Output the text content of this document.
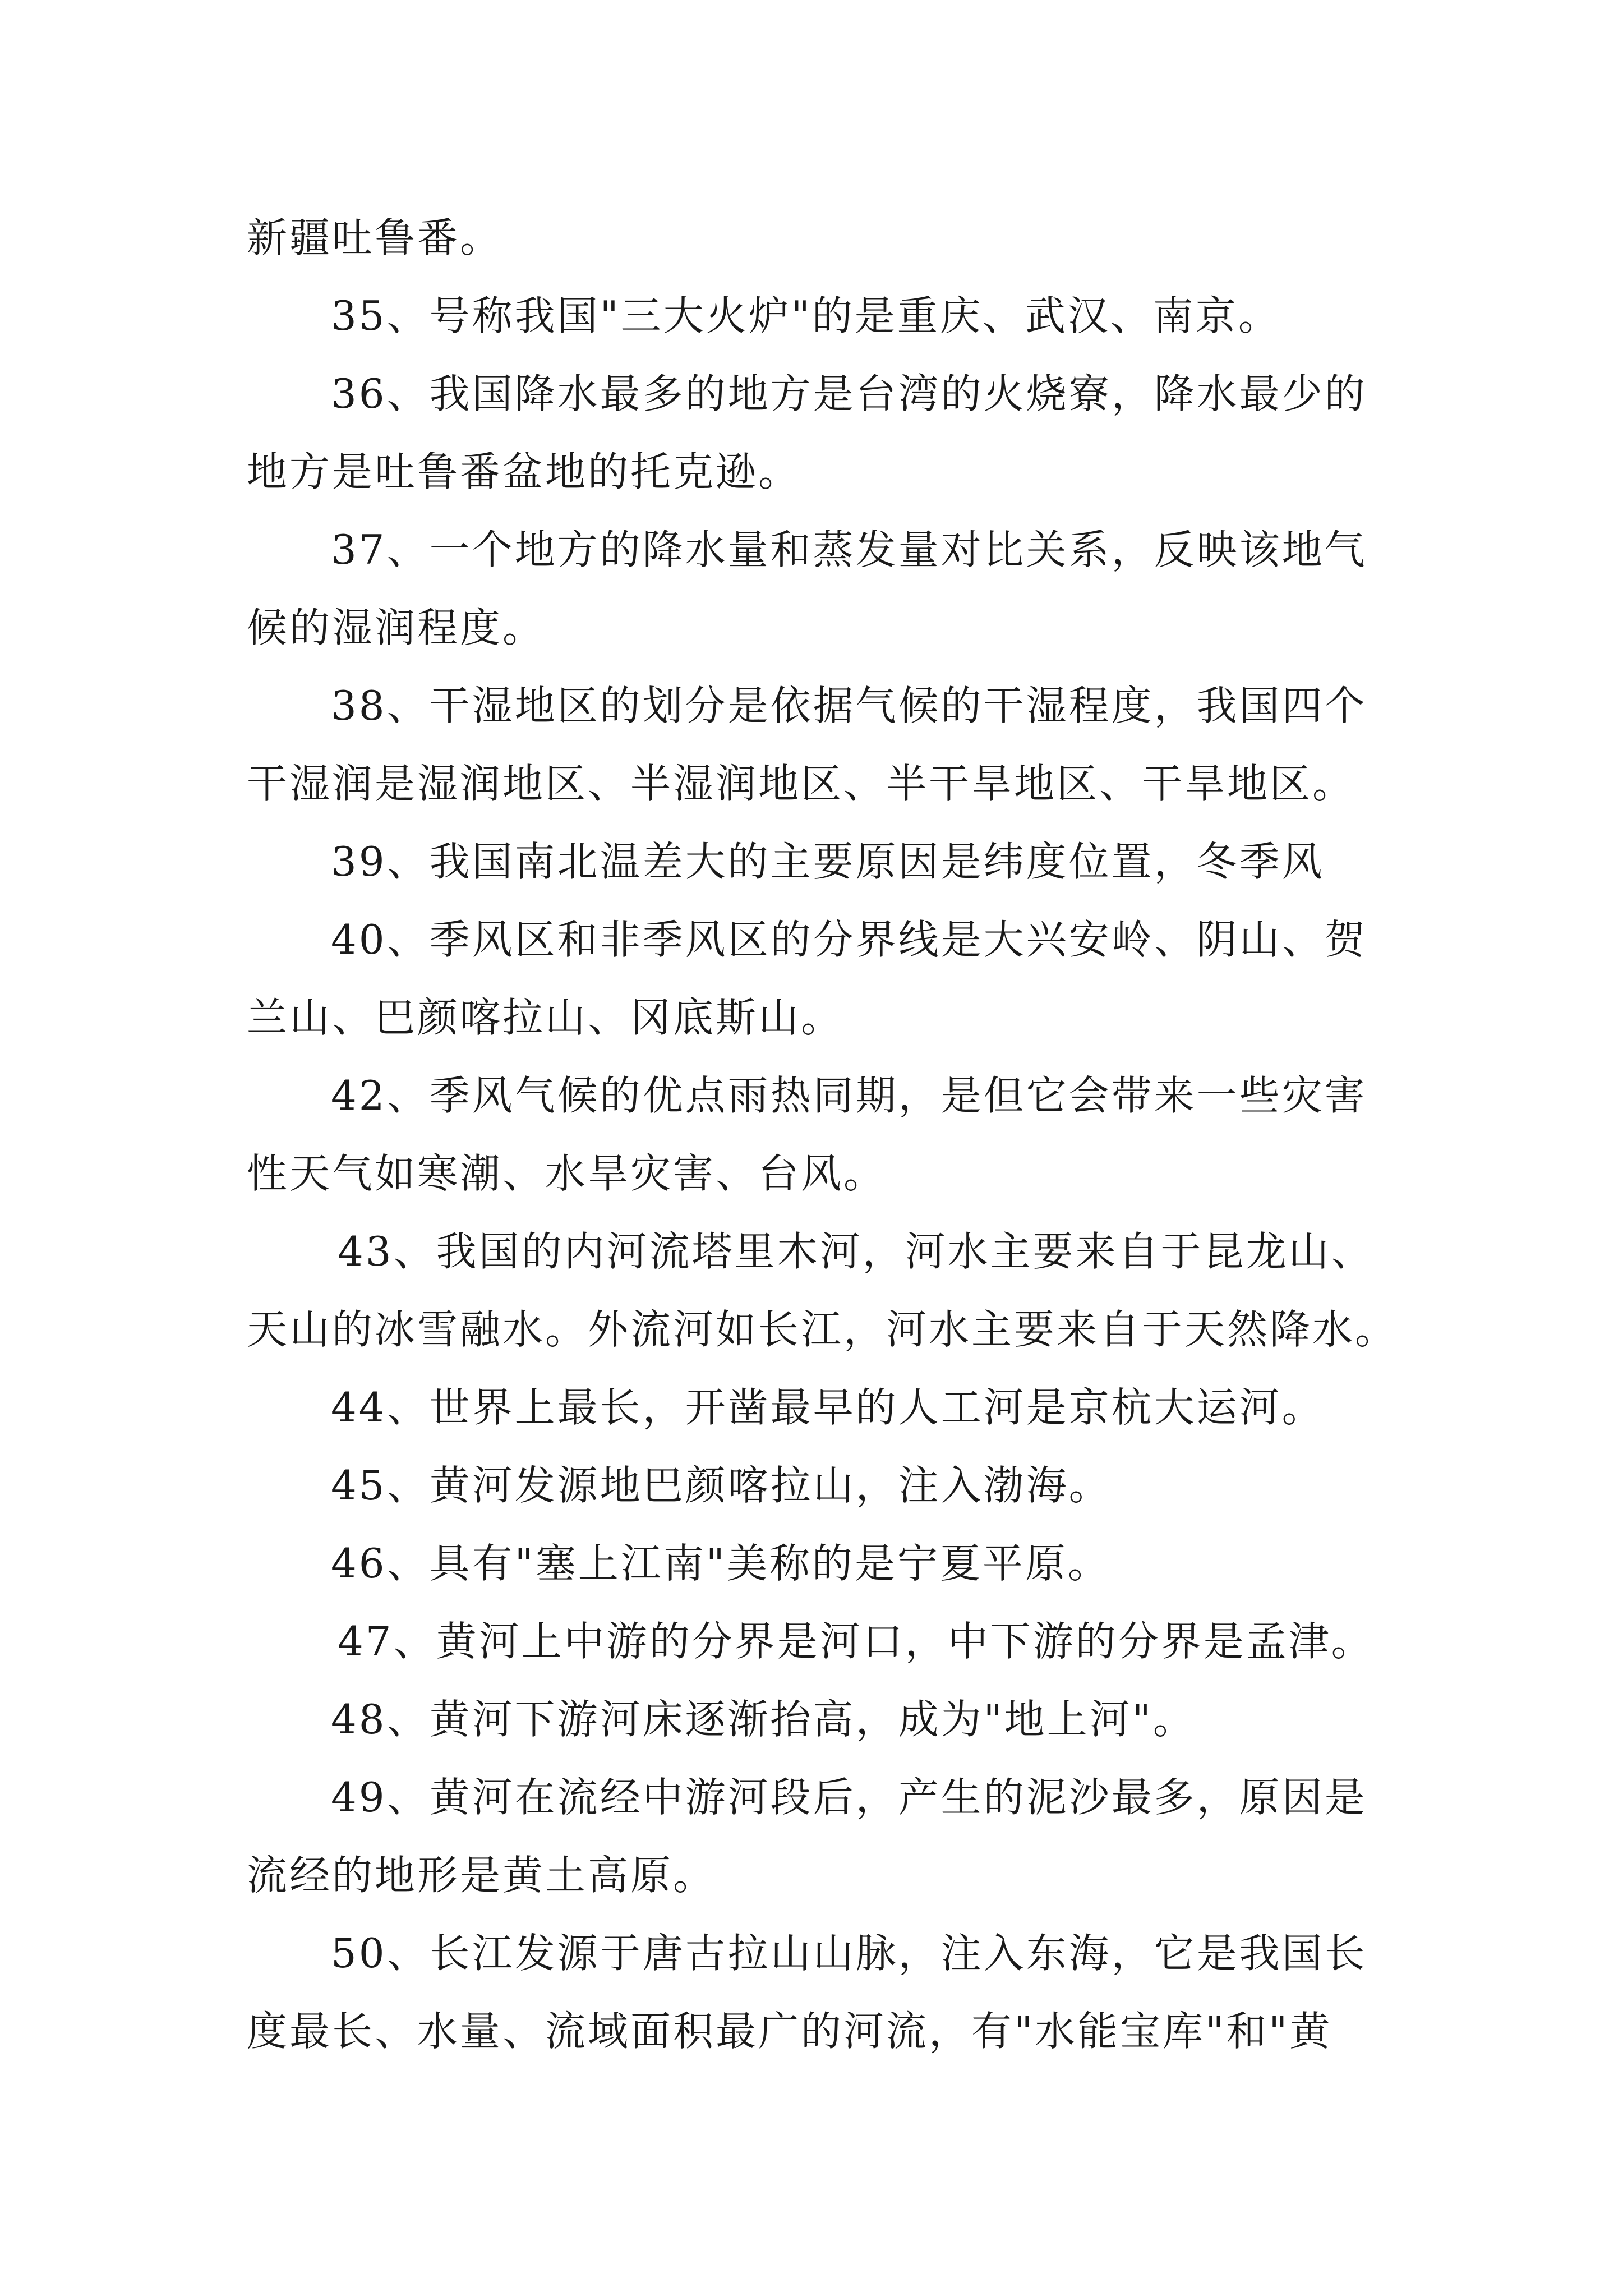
新疆吐鲁番。
35、号称我国"三大火炉"的是重庆、武汉、南京。
36、我国降水最多的地方是台湾的火烧寮，降水最少的
地方是吐鲁番盆地的托克逊。
37、一个地方的降水量和蒸发量对比关系，反映该地气
候的湿润程度。
38、干湿地区的划分是依据气候的干湿程度，我国四个
干湿润是湿润地区、半湿润地区、半干旱地区、干旱地区。
39、我国南北温差大的主要原因是纬度位置，冬季风
40、季风区和非季风区的分界线是大兴安岭、阴山、贺
兰山、巴颜喀拉山、冈底斯山。
42、季风气候的优点雨热同期，是但它会带来一些灾害
性天气如寒潮、水旱灾害、台风。
43、我国的内河流塔里木河，河水主要来自于昆龙山、
天山的冰雪融水。外流河如长江，河水主要来自于天然降水。
44、世界上最长，开凿最早的人工河是京杭大运河。
45、黄河发源地巴颜喀拉山，注入渤海。
46、具有"塞上江南"美称的是宁夏平原。
47、黄河上中游的分界是河口，中下游的分界是孟津。
48、黄河下游河床逐渐抬高，成为"地上河"。
49、黄河在流经中游河段后，产生的泥沙最多，原因是
流经的地形是黄土高原。
50、长江发源于唐古拉山山脉，注入东海，它是我国长
度最长、水量、流域面积最广的河流，有"水能宝库"和"黄
